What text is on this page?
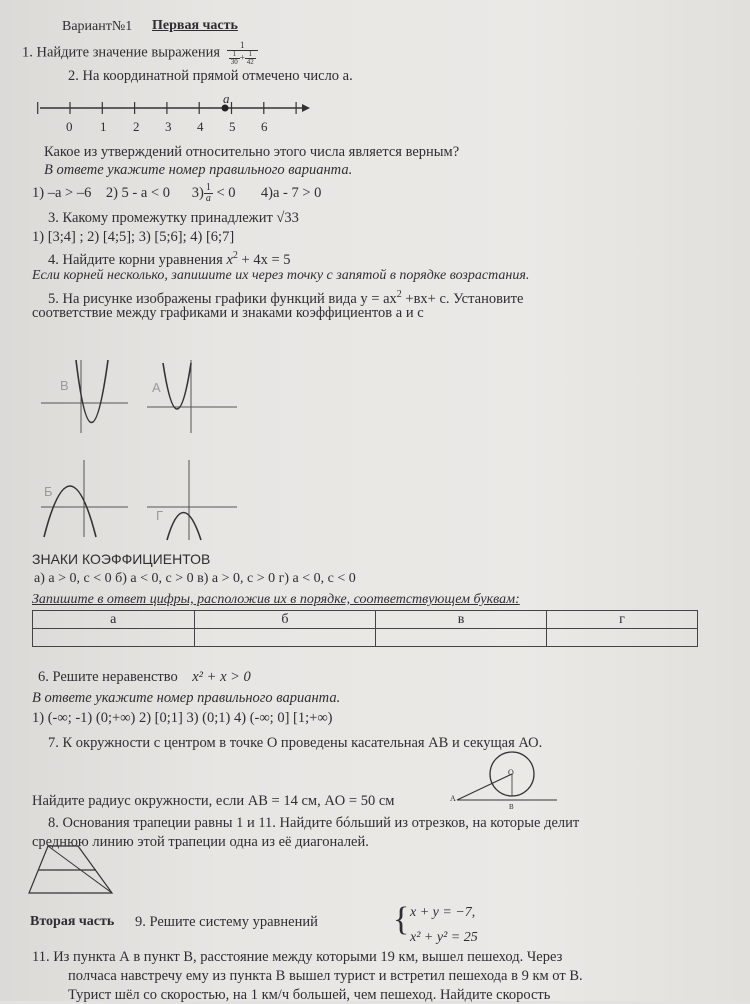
Вариант№1 Первая часть
1. Найдите значение выражения $\frac{1}{\frac{1}{30} + \frac{1}{42}}$
2. На координатной прямой отмечено число а.
a
0 1 2 3 4 5 6
Какое из утверждений относительно этого числа является верным?
В ответе укажите номер правильного варианта.
1) –a > –6 2) 5 - a < 0 $3) \frac{1}{a} < 0$ 4)a - 7 > 0
3. Какому промежутку принадлежит √33
1) [3;4] ; 2) [4;5]; 3) [5;6]; 4) [6;7]
4. Найдите корни уравнения $x^2 + 4x = 5$
Если корней несколько, запишите их через точку с запятой в порядке возрастания.
5. На рисунке изображены графики функций вида $у = ах^2 +вх+ с$. Установите
соответствие между графиками и знаками коэффициентов а и с
В	А
Б
Г
ЗНАКИ КОЭФФИЦИЕНТОВ
а) a > 0, c < 0 б) a < 0, c > 0 в) a > 0, c > 0 г) a < 0, c < 0
Запишите в ответ цифры, расположив их в порядке, соответствующем буквам:
а	б	в	г

6. Решите неравенство x² + x > 0
В ответе укажите номер правильного варианта.
1) (-∞; -1) (0;+∞) 2) [0;1] 3) (0;1) 4) (-∞; 0] [1;+∞)
7. К окружности с центром в точке О проведены касательная АВ и секущая АО.
О
А
В
Найдите радиус окружности, если AB = 14 см, AO = 50 см
8. Основания трапеции равны 1 и 11. Найдите бóльший из отрезков, на которые делит
среднюю линию этой трапеции одна из её диагоналей.
Вторая часть 9. Решите систему уравнений { x + y = −7,
x² + y² = 25
11. Из пункта А в пункт В, расстояние между которыми 19 км, вышел пешеход. Через
полчаса навстречу ему из пункта В вышел турист и встретил пешехода в 9 км от В.
Турист шёл со скоростью, на 1 км/ч большей, чем пешеход. Найдите скорость
